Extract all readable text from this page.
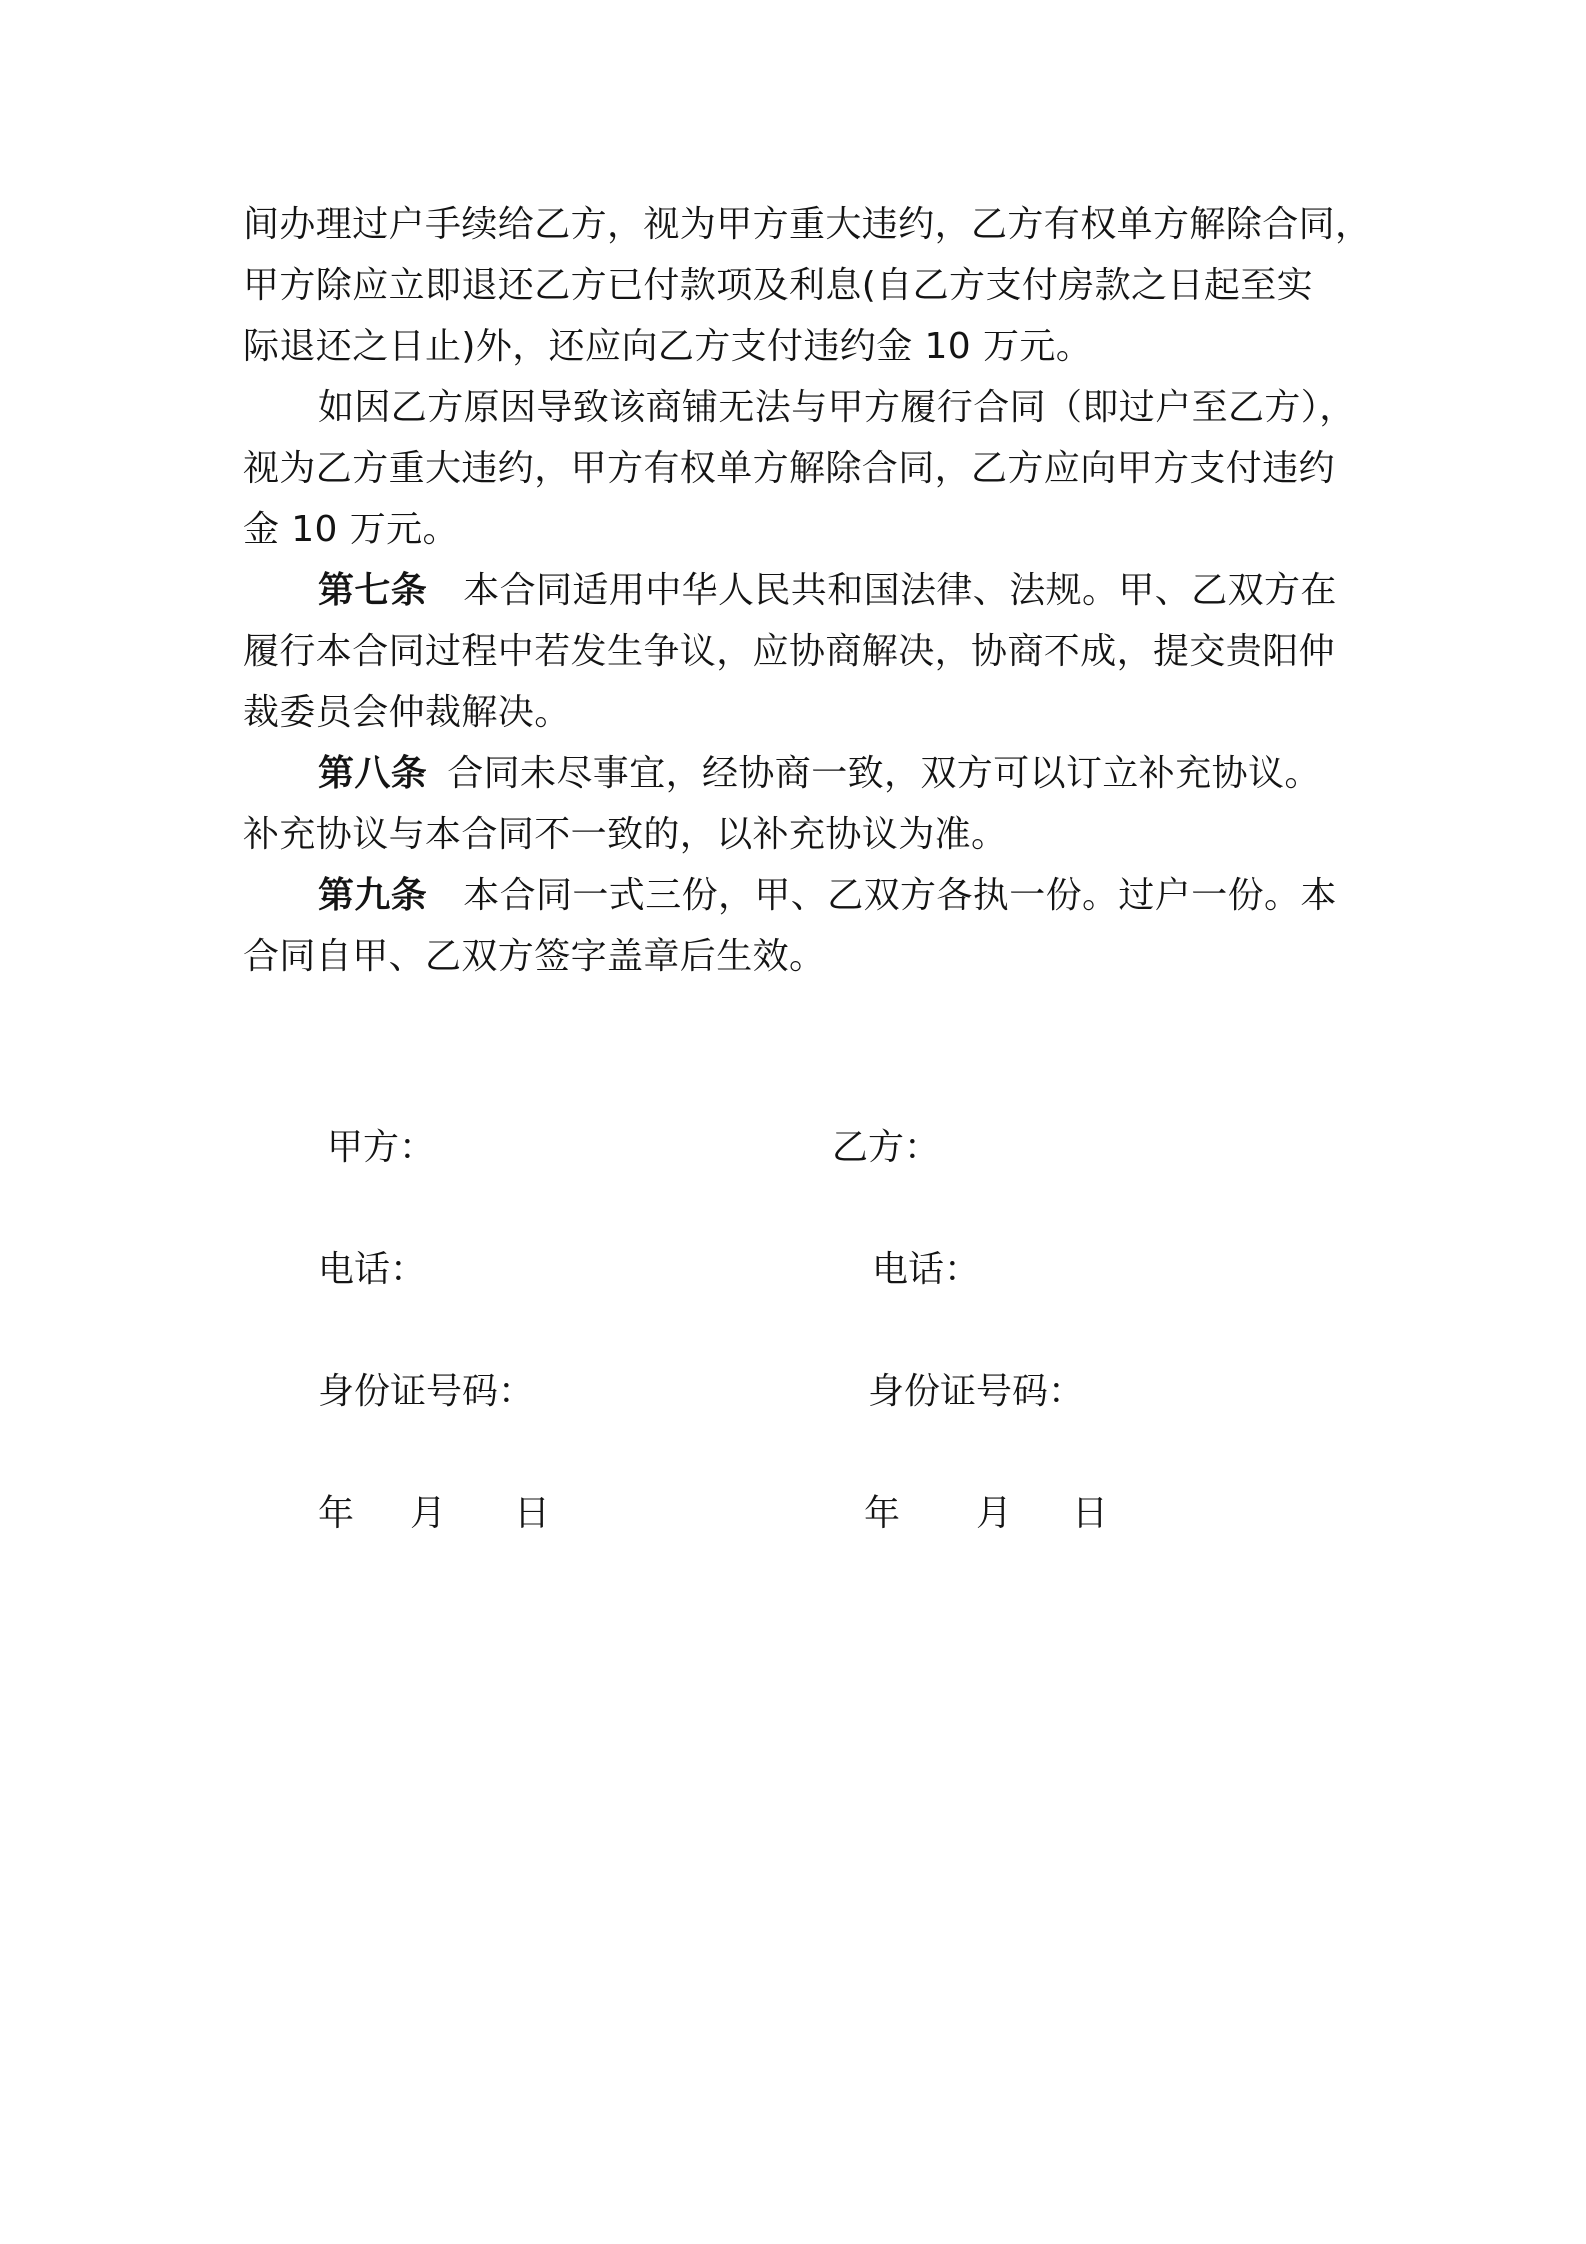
间办理过户手续给乙方，视为甲方重大违约，乙方有权单方解除合同，
甲方除应立即退还乙方已付款项及利息(自乙方支付房款之日起至实
际退还之日止)外，还应向乙方支付违约金 10 万元。
如因乙方原因导致该商铺无法与甲方履行合同（即过户至乙方），
视为乙方重大违约，甲方有权单方解除合同，乙方应向甲方支付违约
金 10 万元。
第七条 本合同适用中华人民共和国法律、法规。甲、乙双方在
履行本合同过程中若发生争议，应协商解决，协商不成，提交贵阳仲
裁委员会仲裁解决。
第八条 合同未尽事宜，经协商一致，双方可以订立补充协议。
补充协议与本合同不一致的，以补充协议为准。
第九条 本合同一式三份，甲、乙双方各执一份。过户一份。本
合同自甲、乙双方签字盖章后生效。
甲方：
电话：
身份证号码：
年 月 日
乙方：
电话：
身份证号码：
年 月 日
